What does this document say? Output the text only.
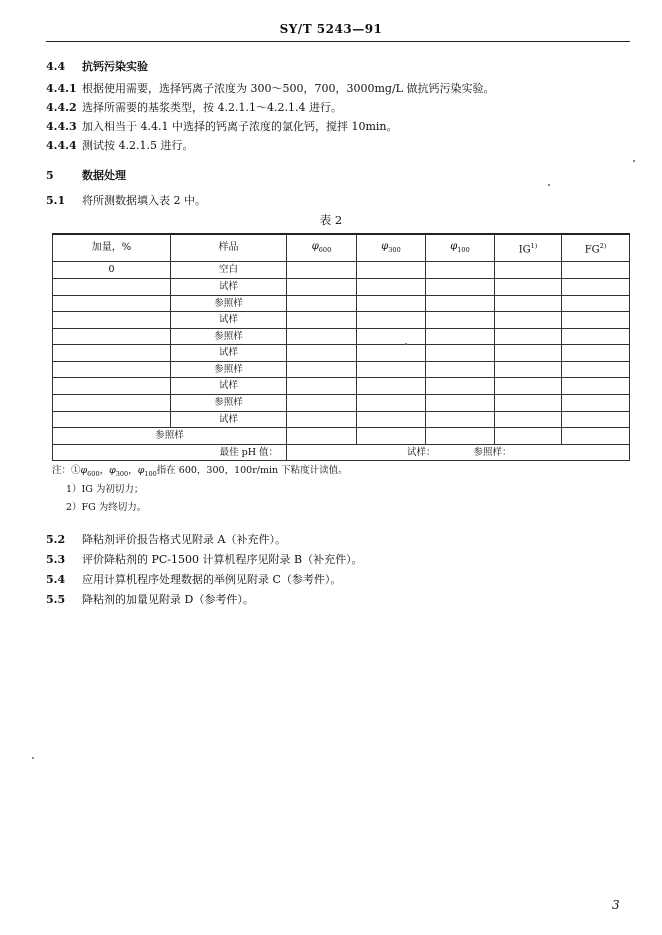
SY/T 5243—91
4.4 抗钙污染实验
4.4.1 根据使用需要，选择钙离子浓度为 300～500，700，3000mg/L 做抗钙污染实验。
4.4.2 选择所需要的基浆类型，按 4.2.1.1～4.2.1.4 进行。
4.4.3 加入相当于 4.4.1 中选择的钙离子浓度的氯化钙，搅拌 10min。
4.4.4 测试按 4.2.1.5 进行。
5	数据处理
5.1 将所测数据填入表 2 中。
表 2
加量，%	样品	$\varphi_{600}$	$\varphi_{300}$	$\varphi_{100}$	IG$^{1)}$	FG$^{2)}$
0	空白					
	试样					
	参照样					
	试样					
	参照样					
	试样					
	参照样					
	试样					
	参照样					
	试样					
参照样						
最佳 pH 值：		试样： 参照样：				
注：$①\varphi_{600}$，$\varphi_{300}$，$\varphi_{100}$指在 600，300，100r/min 下粘度计读值。
1）IG 为初切力；
2）FG 为终切力。
5.2 降粘剂评价报告格式见附录 A（补充件）。
5.3 评价降粘剂的 PC-1500 计算机程序见附录 B（补充件）。
5.4 应用计算机程序处理数据的举例见附录 C（参考件）。
5.5 降粘剂的加量见附录 D（参考件）。
3
